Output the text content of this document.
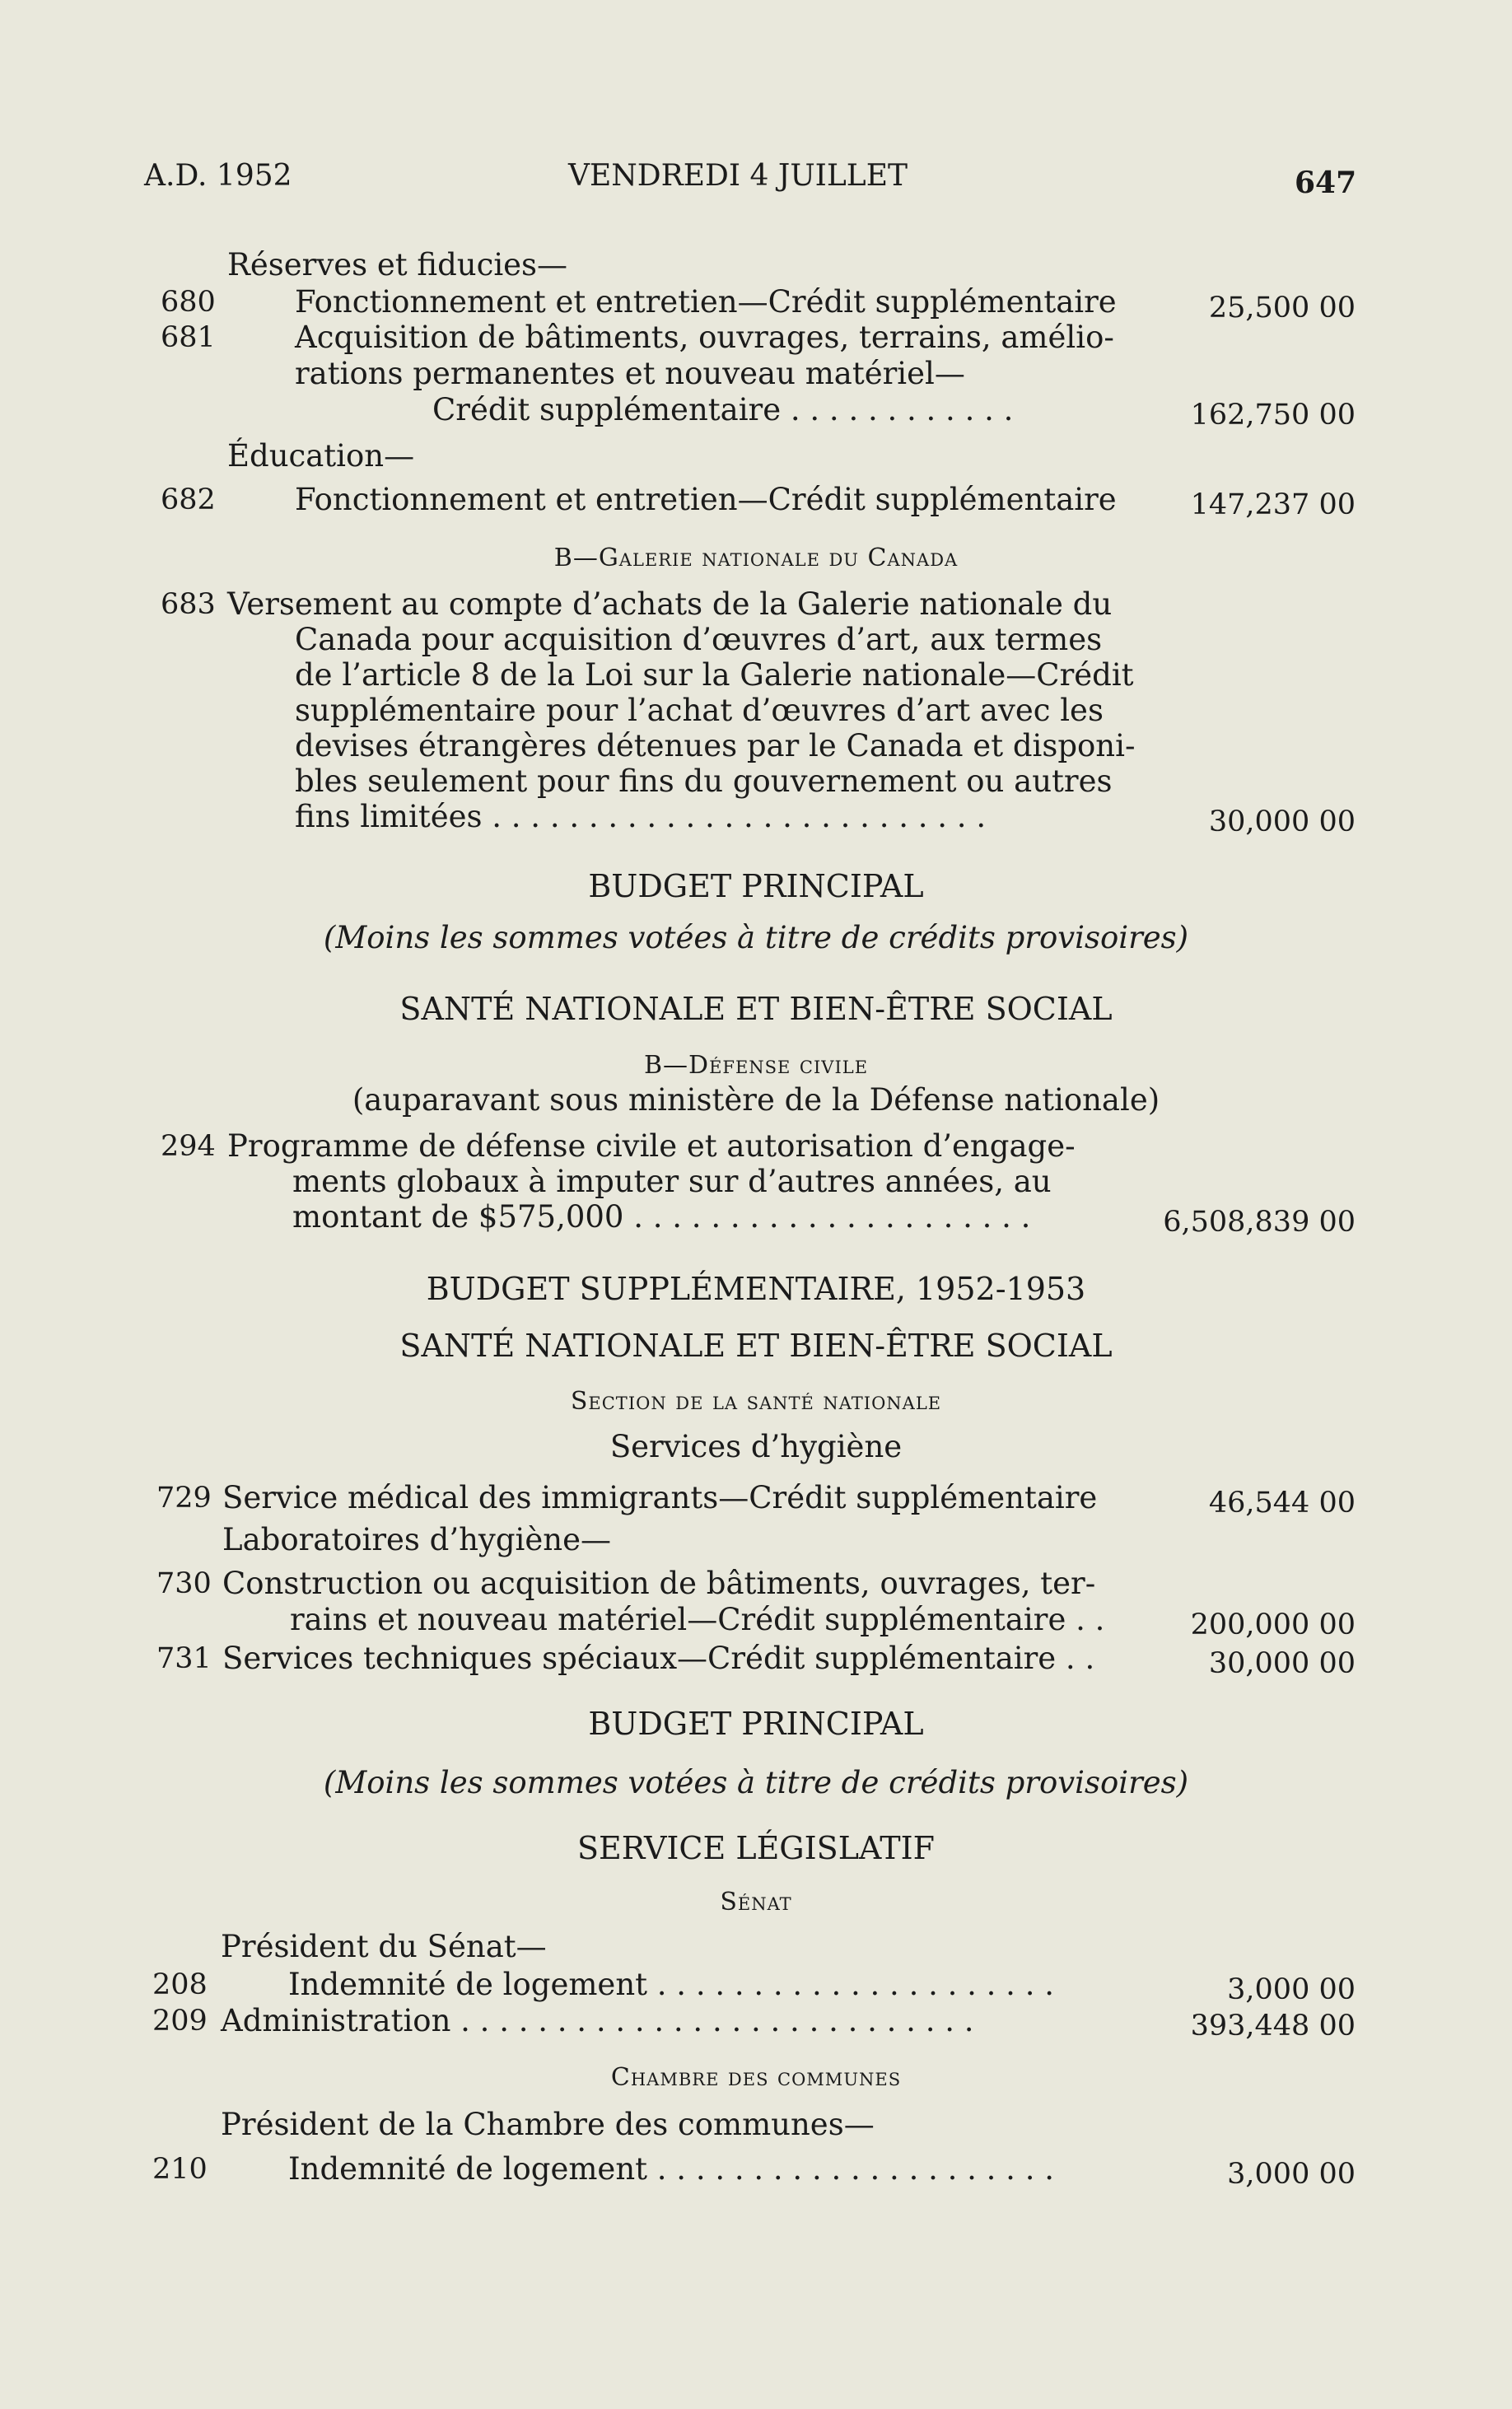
A.D. 1952	VENDREDI 4 JUILLET	647
Réserves et fiducies—
680	Fonctionnement et entretien—Crédit supplémentaire	25,500 00
681	Acquisition de bâtiments, ouvrages, terrains, amélio-
rations permanentes et nouveau matériel—
Crédit supplémentaire . . . . . . . . . . . .	162,750 00
Éducation—
682	Fonctionnement et entretien—Crédit supplémentaire	147,237 00
B—Galerie nationale du Canada
683 Versement au compte d’achats de la Galerie nationale du
Canada pour acquisition d’œuvres d’art, aux termes
de l’article 8 de la Loi sur la Galerie nationale—Crédit
supplémentaire pour l’achat d’œuvres d’art avec les
devises étrangères détenues par le Canada et disponi-
bles seulement pour fins du gouvernement ou autres
fins limitées . . . . . . . . . . . . . . . . . . . . . . . . . .	30,000 00
BUDGET PRINCIPAL
(Moins les sommes votées à titre de crédits provisoires)
SANTÉ NATIONALE ET BIEN-ÊTRE SOCIAL
B—Défense civile
(auparavant sous ministère de la Défense nationale)
294 Programme de défense civile et autorisation d’engage-
ments globaux à imputer sur d’autres années, au
montant de $575,000 . . . . . . . . . . . . . . . . . . . . .	6,508,839 00
BUDGET SUPPLÉMENTAIRE, 1952-1953
SANTÉ NATIONALE ET BIEN-ÊTRE SOCIAL
Section de la santé nationale
Services d’hygiène
729 Service médical des immigrants—Crédit supplémentaire	46,544 00
Laboratoires d’hygiène—
730 Construction ou acquisition de bâtiments, ouvrages, ter-
rains et nouveau matériel—Crédit supplémentaire . .	200,000 00
731 Services techniques spéciaux—Crédit supplémentaire . .	30,000 00
BUDGET PRINCIPAL
(Moins les sommes votées à titre de crédits provisoires)
SERVICE LÉGISLATIF
Sénat
Président du Sénat—
208	Indemnité de logement . . . . . . . . . . . . . . . . . . . . .	3,000 00
209 Administration . . . . . . . . . . . . . . . . . . . . . . . . . . .	393,448 00
Chambre des communes
Président de la Chambre des communes—
210	Indemnité de logement . . . . . . . . . . . . . . . . . . . . .	3,000 00
